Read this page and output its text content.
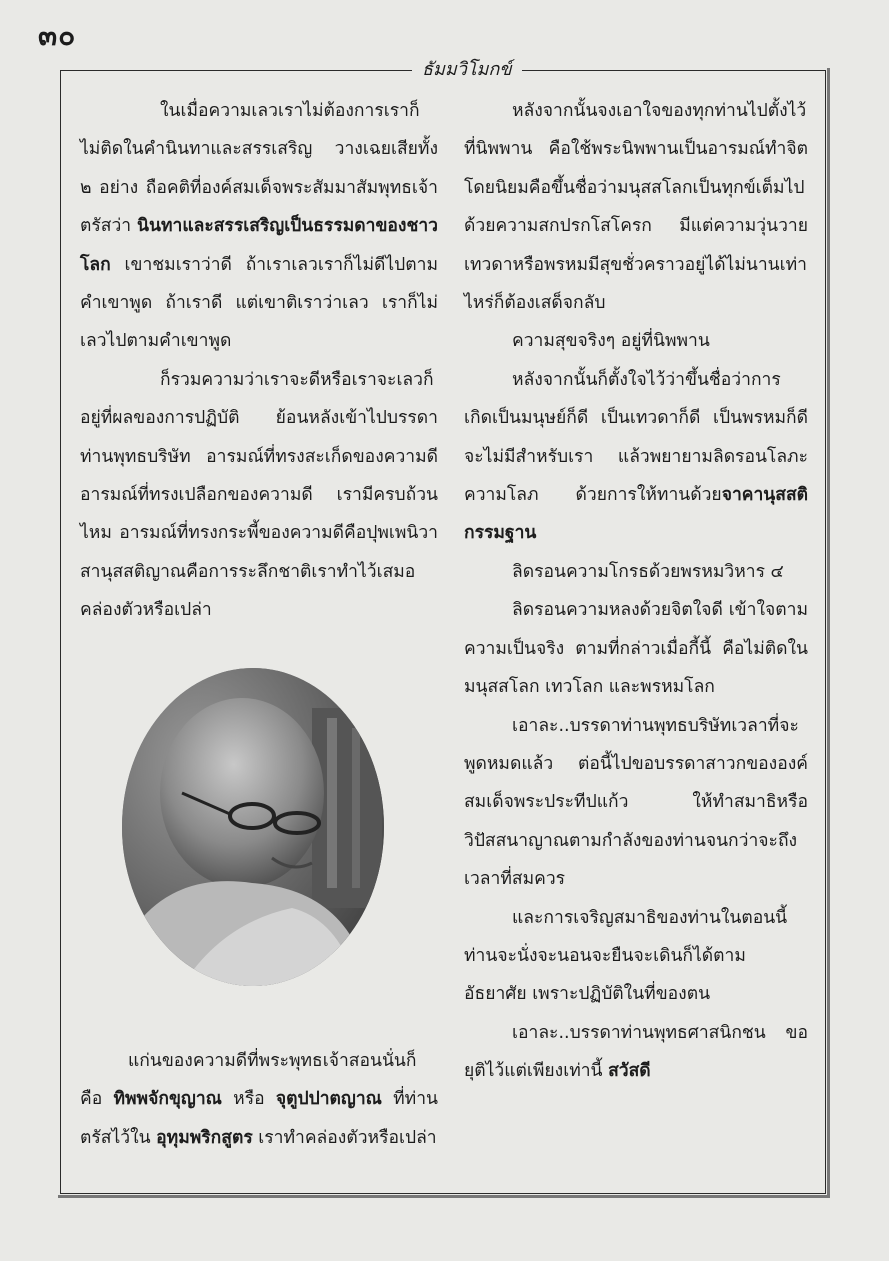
๓๐
ธัมมวิโมกข์

ในเมื่อความเลวเราไม่ต้องการเราก็ไม่ติดในคำนินทาและสรรเสริญ วางเฉยเสียทั้ง ๒ อย่าง ถือคติที่องค์สมเด็จพระสัมมาสัมพุทธเจ้าตรัสว่า นินทาและสรรเสริญเป็นธรรมดาของชาวโลก เขาชมเราว่าดี ถ้าเราเลวเราก็ไม่ดีไปตามคำเขาพูด ถ้าเราดี แต่เขาติเราว่าเลว เราก็ไม่เลวไปตามคำเขาพูด

ก็รวมความว่าเราจะดีหรือเราจะเลวก็อยู่ที่ผลของการปฏิบัติ ย้อนหลังเข้าไปบรรดาท่านพุทธบริษัท อารมณ์ที่ทรงสะเก็ดของความดี อารมณ์ที่ทรงเปลือกของความดี เรามีครบถ้วนไหม อารมณ์ที่ทรงกระพี้ของความดีคือปุพเพนิวาสานุสสติญาณคือการระลึกชาติเราทำไว้เสมอ คล่องตัวหรือเปล่า

แก่นของความดีที่พระพุทธเจ้าสอนนั่นก็คือ ทิพพจักขุญาณ หรือ จุตูปปาตญาณ ที่ท่านตรัสไว้ใน อุทุมพริกสูตร เราทำคล่องตัวหรือเปล่า

หลังจากนั้นจงเอาใจของทุกท่านไปตั้งไว้ที่นิพพาน คือใช้พระนิพพานเป็นอารมณ์ทำจิตโดยนิยมคือขึ้นชื่อว่ามนุสสโลกเป็นทุกข์เต็มไปด้วยความสกปรกโสโครก มีแต่ความวุ่นวาย เทวดาหรือพรหมมีสุขชั่วคราวอยู่ได้ไม่นานเท่าไหร่ก็ต้องเสด็จกลับ

ความสุขจริงๆ อยู่ที่นิพพาน

หลังจากนั้นก็ตั้งใจไว้ว่าขึ้นชื่อว่าการเกิดเป็นมนุษย์ก็ดี เป็นเทวดาก็ดี เป็นพรหมก็ดี จะไม่มีสำหรับเรา แล้วพยายามลิดรอนโลภะ ความโลภ ด้วยการให้ทานด้วยจาคานุสสติกรรมฐาน

ลิดรอนความโกรธด้วยพรหมวิหาร ๔

ลิดรอนความหลงด้วยจิตใจดี เข้าใจตามความเป็นจริง ตามที่กล่าวเมื่อกี้นี้ คือไม่ติดในมนุสสโลก เทวโลก และพรหมโลก

เอาละ..บรรดาท่านพุทธบริษัทเวลาที่จะพูดหมดแล้ว ต่อนี้ไปขอบรรดาสาวกขององค์สมเด็จพระประทีปแก้ว ให้ทำสมาธิหรือวิปัสสนาญาณตามกำลังของท่านจนกว่าจะถึงเวลาที่สมควร

และการเจริญสมาธิของท่านในตอนนี้ท่านจะนั่งจะนอนจะยืนจะเดินก็ได้ตามอัธยาศัย เพราะปฏิบัติในที่ของตน

เอาละ..บรรดาท่านพุทธศาสนิกชน ขอยุติไว้แต่เพียงเท่านี้ สวัสดี
